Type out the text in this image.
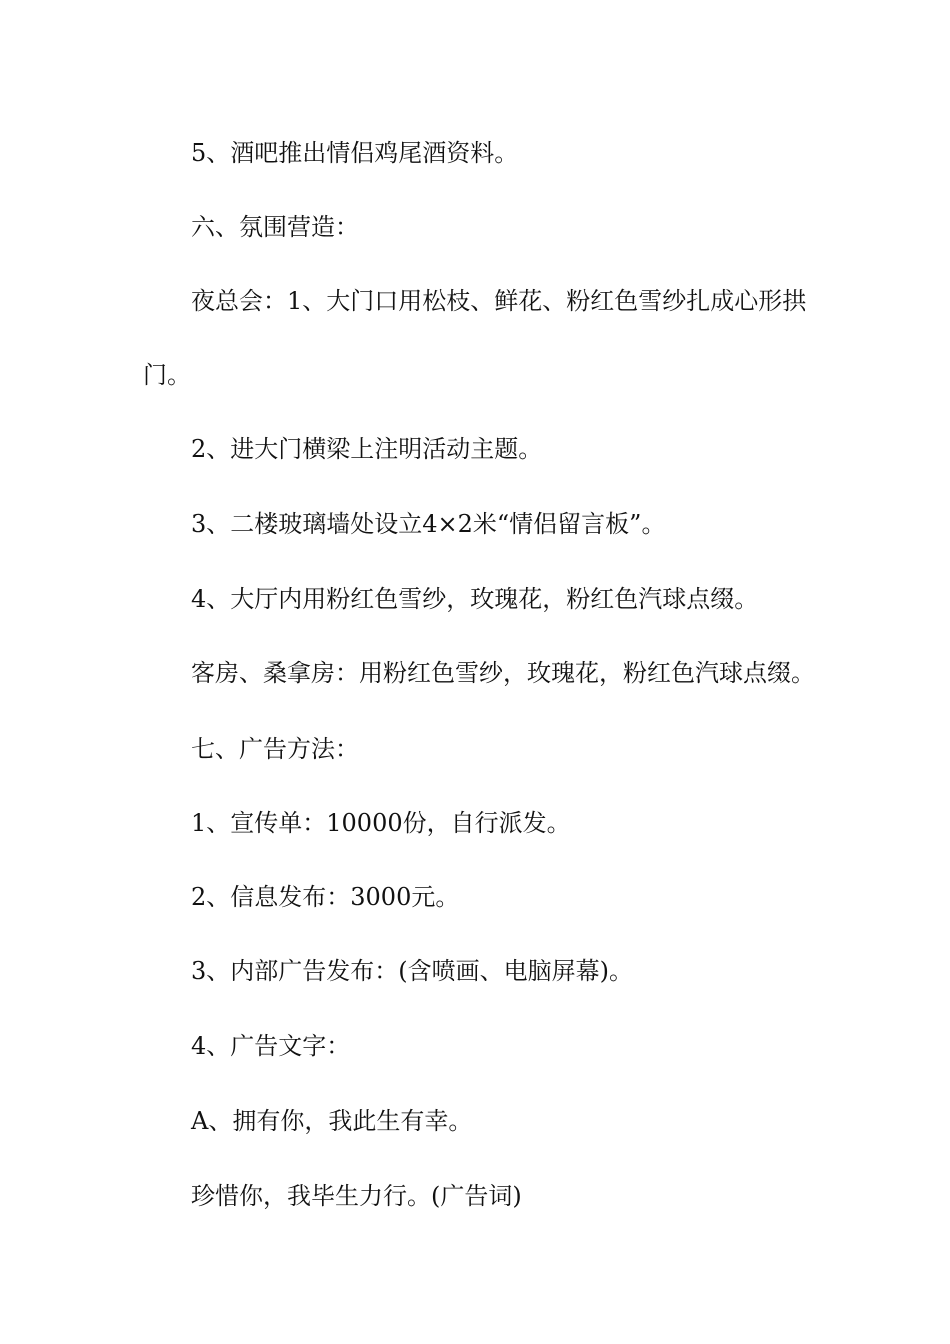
5、酒吧推出情侣鸡尾酒资料。

六、氛围营造：

夜总会：1、大门口用松枝、鲜花、粉红色雪纱扎成心形拱

门。

2、进大门横梁上注明活动主题。

3、二楼玻璃墙处设立4×2米“情侣留言板”。

4、大厅内用粉红色雪纱，玫瑰花，粉红色汽球点缀。

客房、桑拿房：用粉红色雪纱，玫瑰花，粉红色汽球点缀。

七、广告方法：

1、宣传单：10000份，自行派发。

2、信息发布：3000元。

3、内部广告发布：(含喷画、电脑屏幕)。

4、广告文字：

A、拥有你，我此生有幸。

珍惜你，我毕生力行。(广告词)
